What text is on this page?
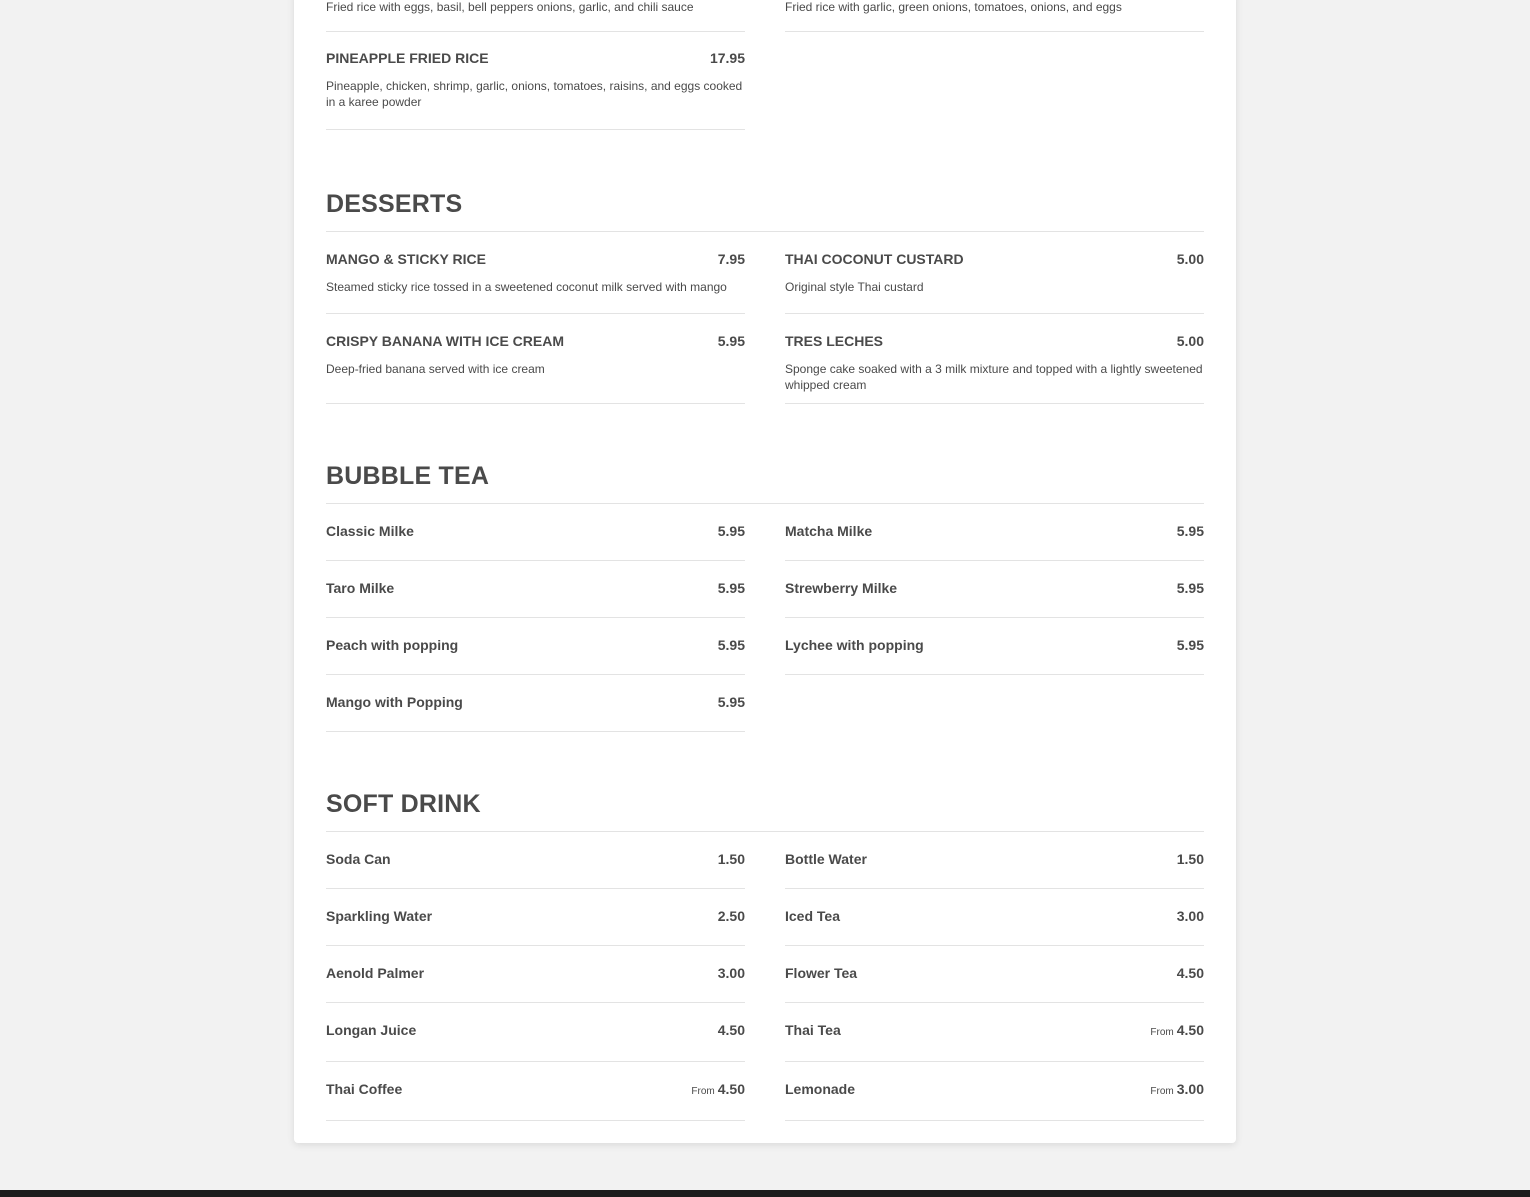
Fried rice with eggs, basil, bell peppers onions, garlic, and chili sauce	Fried rice with garlic, green onions, tomatoes, onions, and eggs
PINEAPPLE FRIED RICE	17.95
Pineapple, chicken, shrimp, garlic, onions, tomatoes, raisins, and eggs cooked in a karee powder
DESSERTS
MANGO & STICKY RICE	7.95
Steamed sticky rice tossed in a sweetened coconut milk served with mango
THAI COCONUT CUSTARD	5.00
Original style Thai custard
CRISPY BANANA WITH ICE CREAM	5.95
Deep-fried banana served with ice cream
TRES LECHES	5.00
Sponge cake soaked with a 3 milk mixture and topped with a lightly sweetened whipped cream
BUBBLE TEA
Classic Milke	5.95	Matcha Milke	5.95
Taro Milke	5.95	Strewberry Milke	5.95
Peach with popping	5.95	Lychee with popping	5.95
Mango with Popping	5.95
SOFT DRINK
Soda Can	1.50	Bottle Water	1.50
Sparkling Water	2.50	Iced Tea	3.00
Aenold Palmer	3.00	Flower Tea	4.50
Longan Juice	4.50	Thai Tea	From 4.50
Thai Coffee	From 4.50	Lemonade	From 3.00
